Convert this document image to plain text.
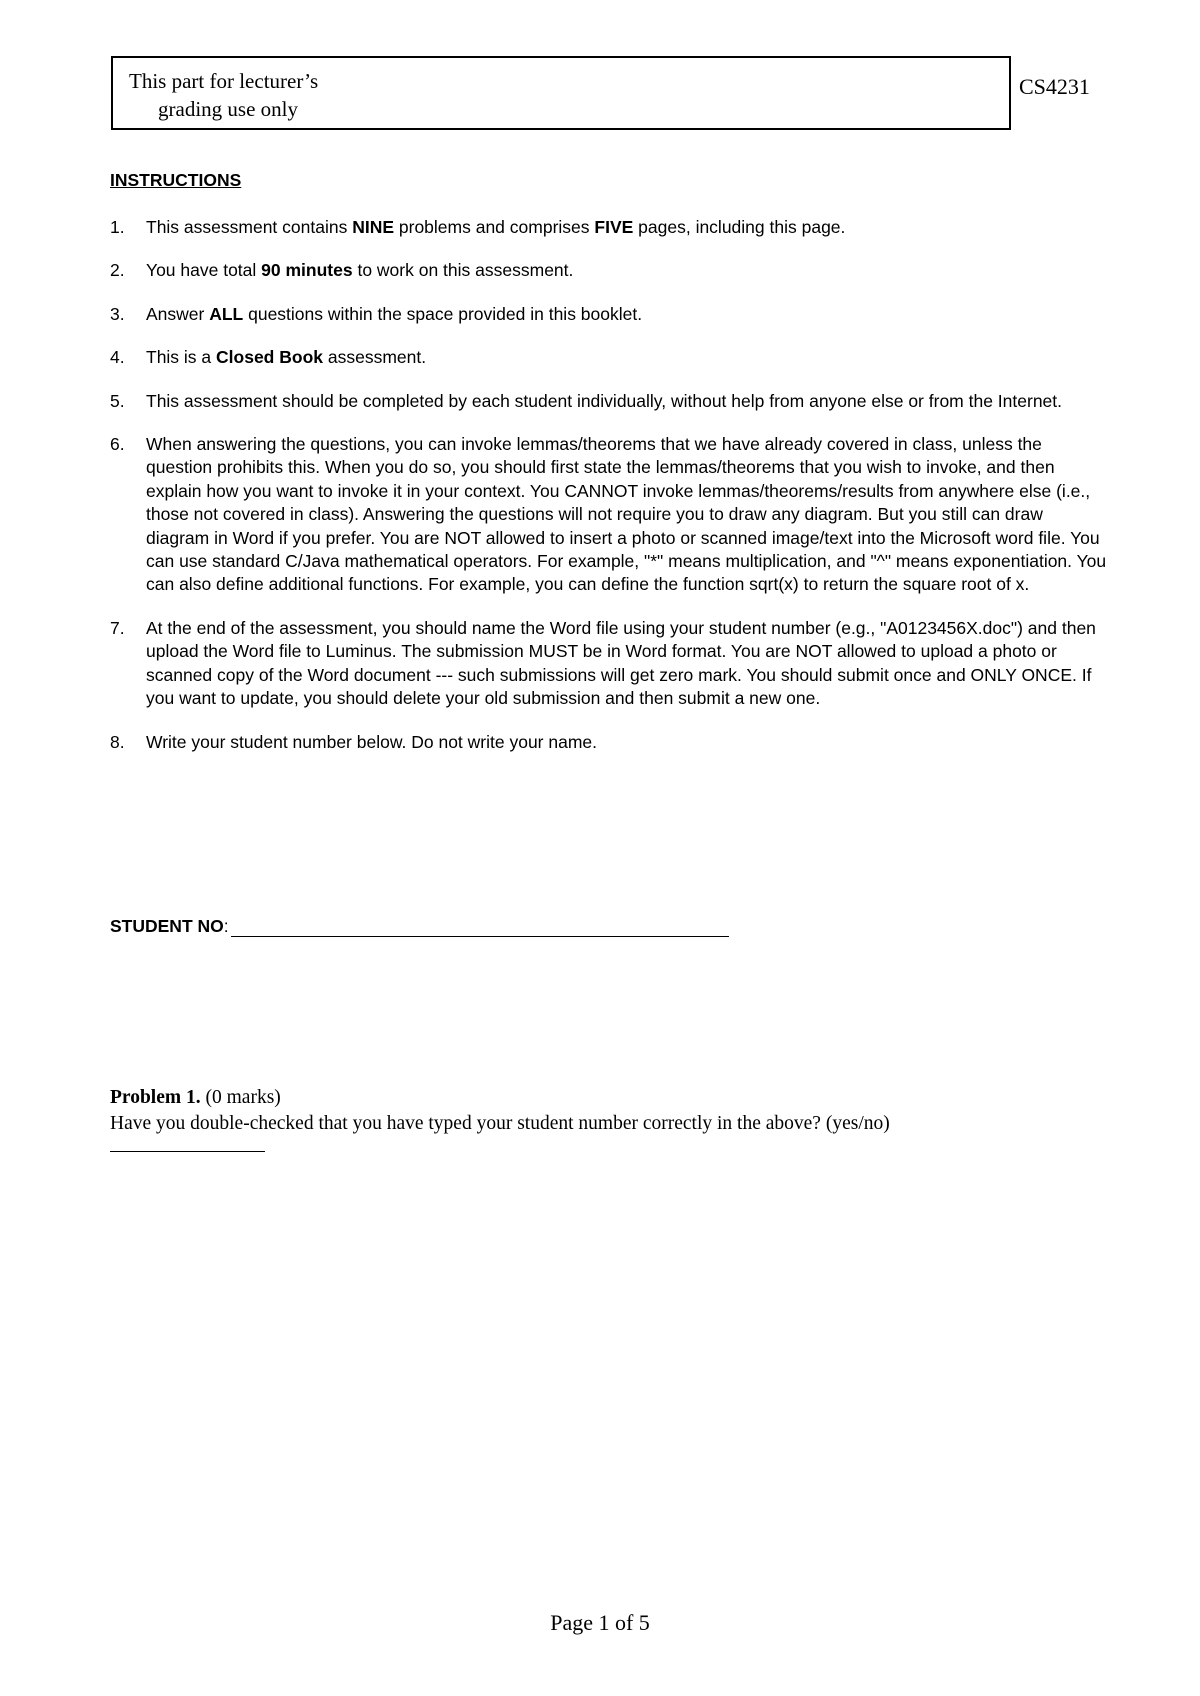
This part for lecturer’s
grading use only
CS4231
INSTRUCTIONS
1. This assessment contains NINE problems and comprises FIVE pages, including this page.
2. You have total 90 minutes to work on this assessment.
3. Answer ALL questions within the space provided in this booklet.
4. This is a Closed Book assessment.
5. This assessment should be completed by each student individually, without help from anyone else or from the Internet.
6. When answering the questions, you can invoke lemmas/theorems that we have already covered in class, unless the question prohibits this. When you do so, you should first state the lemmas/theorems that you wish to invoke, and then explain how you want to invoke it in your context. You CANNOT invoke lemmas/theorems/results from anywhere else (i.e., those not covered in class). Answering the questions will not require you to draw any diagram. But you still can draw diagram in Word if you prefer. You are NOT allowed to insert a photo or scanned image/text into the Microsoft word file. You can use standard C/Java mathematical operators. For example, "*" means multiplication, and "^" means exponentiation. You can also define additional functions. For example, you can define the function sqrt(x) to return the square root of x.
7. At the end of the assessment, you should name the Word file using your student number (e.g., "A0123456X.doc") and then upload the Word file to Luminus. The submission MUST be in Word format. You are NOT allowed to upload a photo or scanned copy of the Word document --- such submissions will get zero mark. You should submit once and ONLY ONCE. If you want to update, you should delete your old submission and then submit a new one.
8. Write your student number below. Do not write your name.
STUDENT NO:
Problem 1. (0 marks)
Have you double-checked that you have typed your student number correctly in the above? (yes/no)
Page 1 of 5
